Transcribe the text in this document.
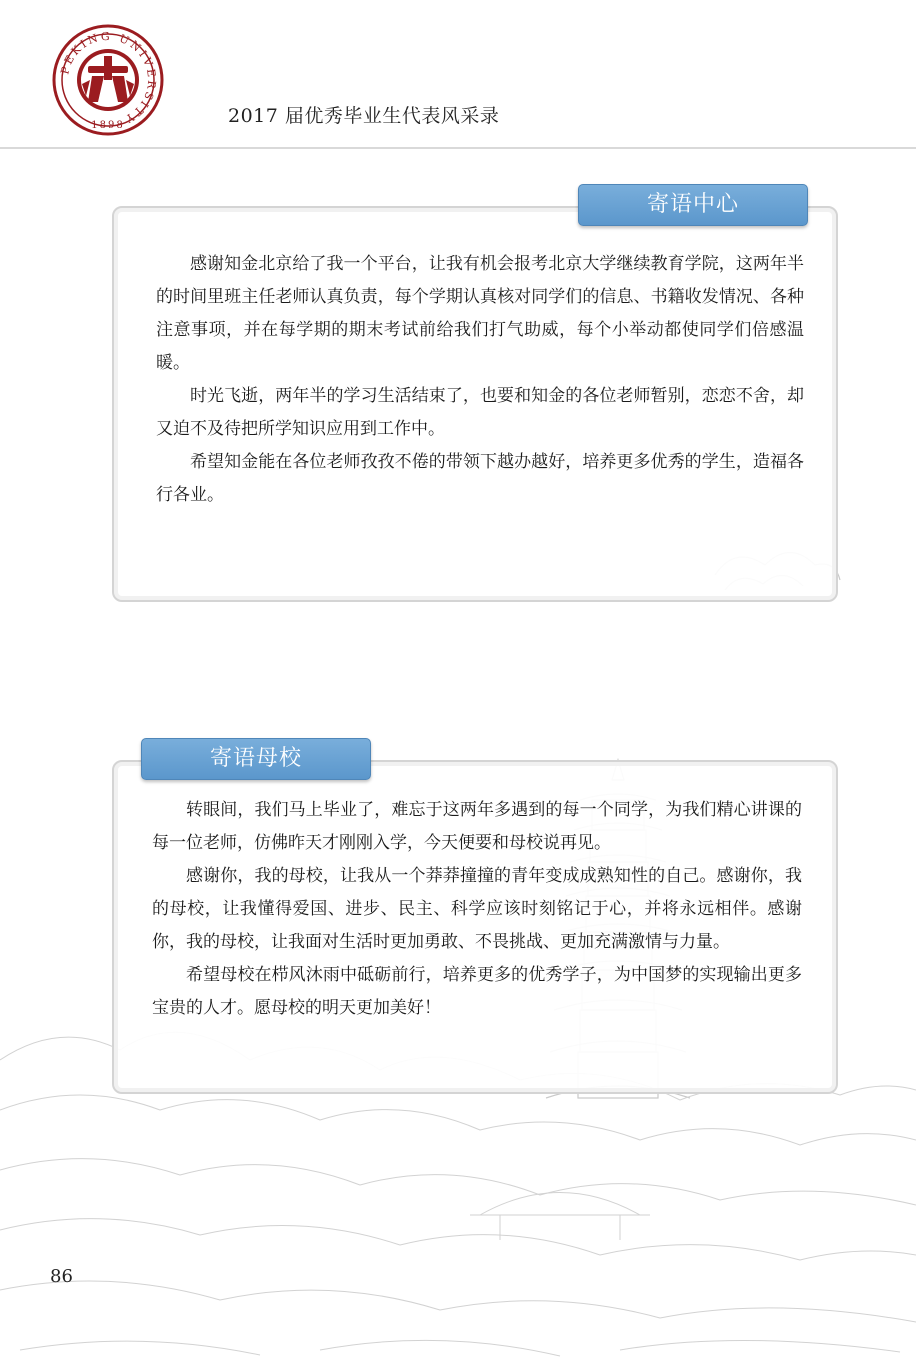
PEKING UNIVERSITY
1898	2017 届优秀毕业生代表风采录
寄语中心

感谢知金北京给了我一个平台，让我有机会报考北京大学继续教育学院，这两年半的时间里班主任老师认真负责，每个学期认真核对同学们的信息、书籍收发情况、各种注意事项，并在每学期的期末考试前给我们打气助威，每个小举动都使同学们倍感温暖。

时光飞逝，两年半的学习生活结束了，也要和知金的各位老师暂别，恋恋不舍，却又迫不及待把所学知识应用到工作中。

希望知金能在各位老师孜孜不倦的带领下越办越好，培养更多优秀的学生，造福各行各业。

寄语母校

转眼间，我们马上毕业了，难忘于这两年多遇到的每一个同学，为我们精心讲课的每一位老师，仿佛昨天才刚刚入学，今天便要和母校说再见。

感谢你，我的母校，让我从一个莽莽撞撞的青年变成成熟知性的自己。感谢你，我的母校，让我懂得爱国、进步、民主、科学应该时刻铭记于心，并将永远相伴。感谢你，我的母校，让我面对生活时更加勇敢、不畏挑战、更加充满激情与力量。

希望母校在栉风沐雨中砥砺前行，培养更多的优秀学子，为中国梦的实现输出更多宝贵的人才。愿母校的明天更加美好！

86
